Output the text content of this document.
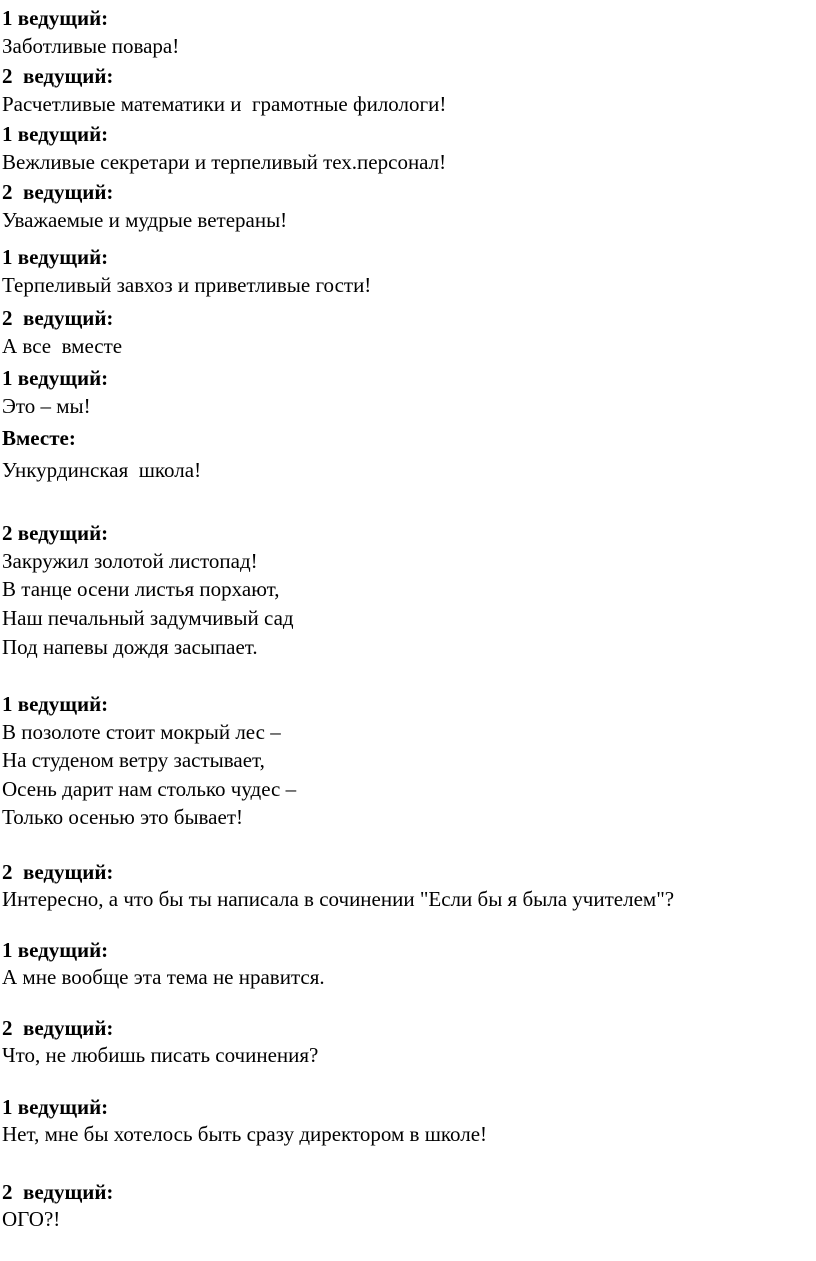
1 ведущий:

Заботливые повара!

2  ведущий:

Расчетливые математики и  грамотные филологи!

1 ведущий:

Вежливые секретари и терпеливый тех.персонал!

2  ведущий:

Уважаемые и мудрые ветераны!

1 ведущий:

Терпеливый завхоз и приветливые гости!

2  ведущий:

А все  вместе

1 ведущий:

Это – мы!

Вместе:

Ункурдинская  школа!

2 ведущий:

Закружил золотой листопад!

В танце осени листья порхают,

Наш печальный задумчивый сад

Под напевы дождя засыпает.

1 ведущий:

В позолоте стоит мокрый лес –

На студеном ветру застывает,

Осень дарит нам столько чудес –

Только осенью это бывает!

2  ведущий:

Интересно, а что бы ты написала в сочинении "Если бы я была учителем"?

1 ведущий:

А мне вообще эта тема не нравится.

2  ведущий:

Что, не любишь писать сочинения?

1 ведущий:

Нет, мне бы хотелось быть сразу директором в школе!

2  ведущий:

ОГО?!
